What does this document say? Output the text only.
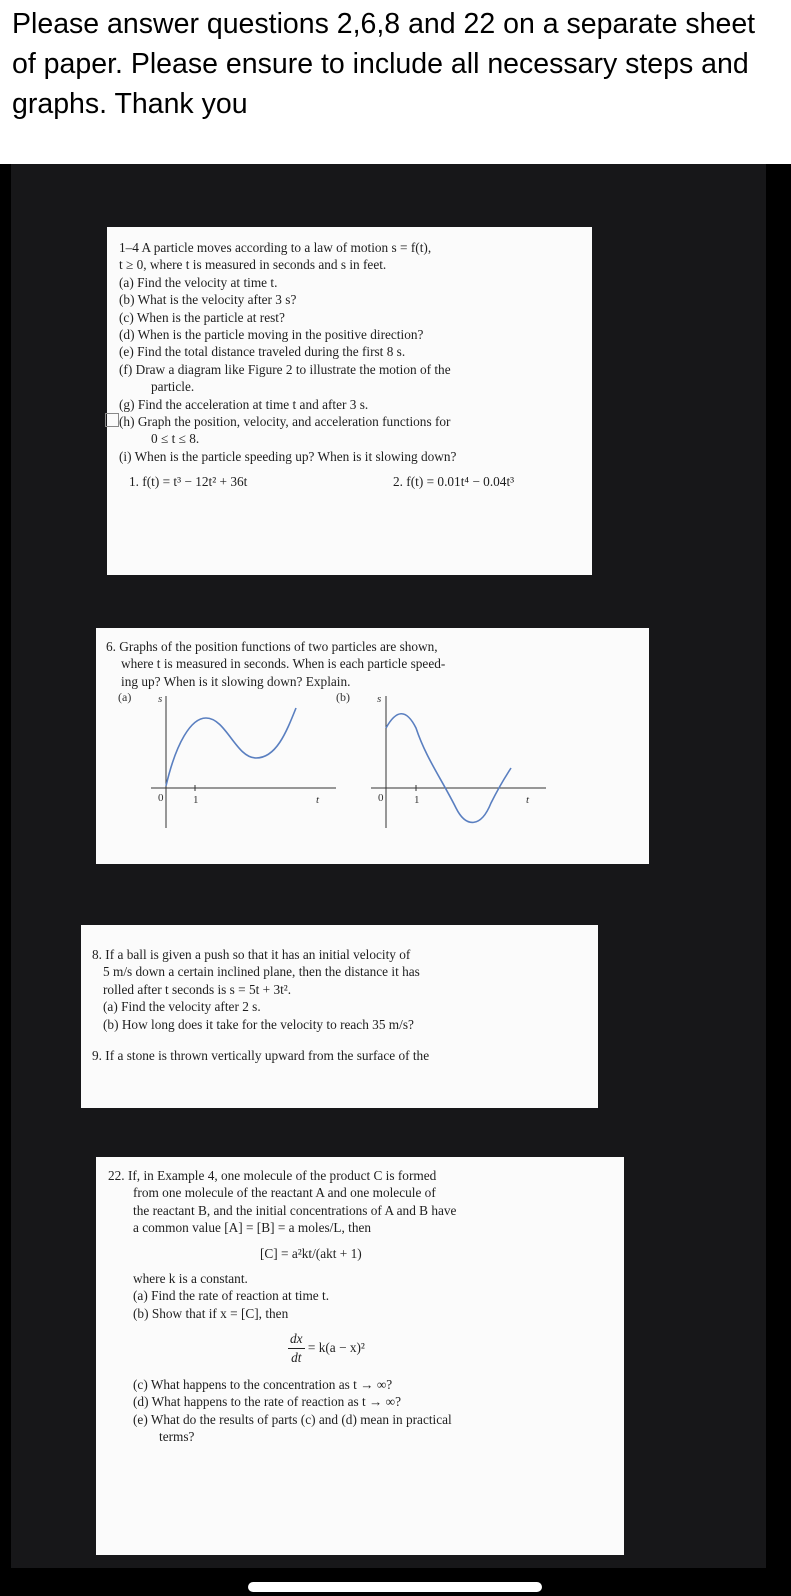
Please answer questions 2,6,8 and 22 on a separate sheet of paper. Please ensure to include all necessary steps and graphs. Thank you

1–4 A particle moves according to a law of motion s = f(t),
t ≥ 0, where t is measured in seconds and s in feet.
(a) Find the velocity at time t.
(b) What is the velocity after 3 s?
(c) When is the particle at rest?
(d) When is the particle moving in the positive direction?
(e) Find the total distance traveled during the first 8 s.
(f) Draw a diagram like Figure 2 to illustrate the motion of the
particle.
(g) Find the acceleration at time t and after 3 s.
(h) Graph the position, velocity, and acceleration functions for
0 ≤ t ≤ 8.
(i) When is the particle speeding up? When is it slowing down?
1. f(t) = t³ − 12t² + 36t	2. f(t) = 0.01t⁴ − 0.04t³
6. Graphs of the position functions of two particles are shown,
where t is measured in seconds. When is each particle speed-
ing up? When is it slowing down? Explain.
(a) s
t
0	1
(b) s
t
0	1
8. If a ball is given a push so that it has an initial velocity of
5 m/s down a certain inclined plane, then the distance it has
rolled after t seconds is s = 5t + 3t².
(a) Find the velocity after 2 s.
(b) How long does it take for the velocity to reach 35 m/s?
9. If a stone is thrown vertically upward from the surface of the
22. If, in Example 4, one molecule of the product C is formed
from one molecule of the reactant A and one molecule of
the reactant B, and the initial concentrations of A and B have
a common value [A] = [B] = a moles/L, then
[C] = a²kt/(akt + 1)
where k is a constant.
(a) Find the rate of reaction at time t.
(b) Show that if x = [C], then
$\frac{dx}{dt} = k(a - x)^2$
(c) What happens to the concentration as t → ∞?
(d) What happens to the rate of reaction as t → ∞?
(e) What do the results of parts (c) and (d) mean in practical
terms?
